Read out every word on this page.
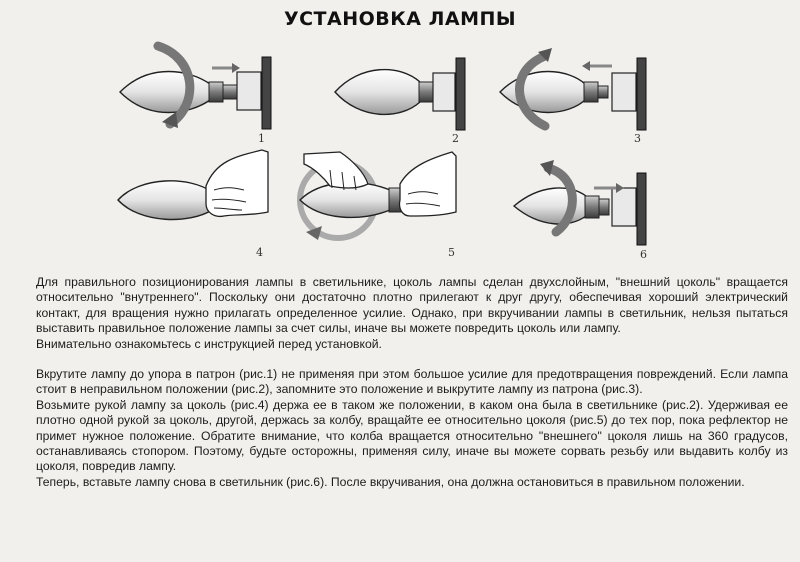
УСТАНОВКА ЛАМПЫ
1	2	3
4	5	6

Для правильного позиционирования лампы в светильнике, цоколь лампы сделан двухслойным, "внешний цоколь" вращается относительно "внутреннего". Поскольку они достаточно плотно прилегают к друг другу, обеспечивая хороший электрический контакт, для вращения нужно прилагать определенное усилие. Однако, при вкручивании лампы в светильник, нельзя пытаться выставить правильное положение лампы за счет силы, иначе вы можете повредить цоколь или лампу.

Внимательно ознакомьтесь с инструкцией перед установкой.

Вкрутите лампу до упора в патрон (рис.1) не применяя при этом большое усилие для предотвращения повреждений. Если лампа стоит в неправильном положении (рис.2), запомните это положение и выкрутите лампу из патрона (рис.3).

Возьмите рукой лампу за цоколь (рис.4) держа ее в таком же положении, в каком она была в светильнике (рис.2). Удерживая ее плотно одной рукой за цоколь, другой, держась за колбу, вращайте ее относительно цоколя (рис.5) до тех пор, пока рефлектор не примет нужное положение. Обратите внимание, что колба вращается относительно "внешнего" цоколя лишь на 360 градусов, останавливаясь стопором. Поэтому, будьте осторожны, применяя силу, иначе вы можете сорвать резьбу или выдавить колбу из цоколя, повредив лампу.

Теперь, вставьте лампу снова в светильник (рис.6). После вкручивания, она должна остановиться в правильном положении.
